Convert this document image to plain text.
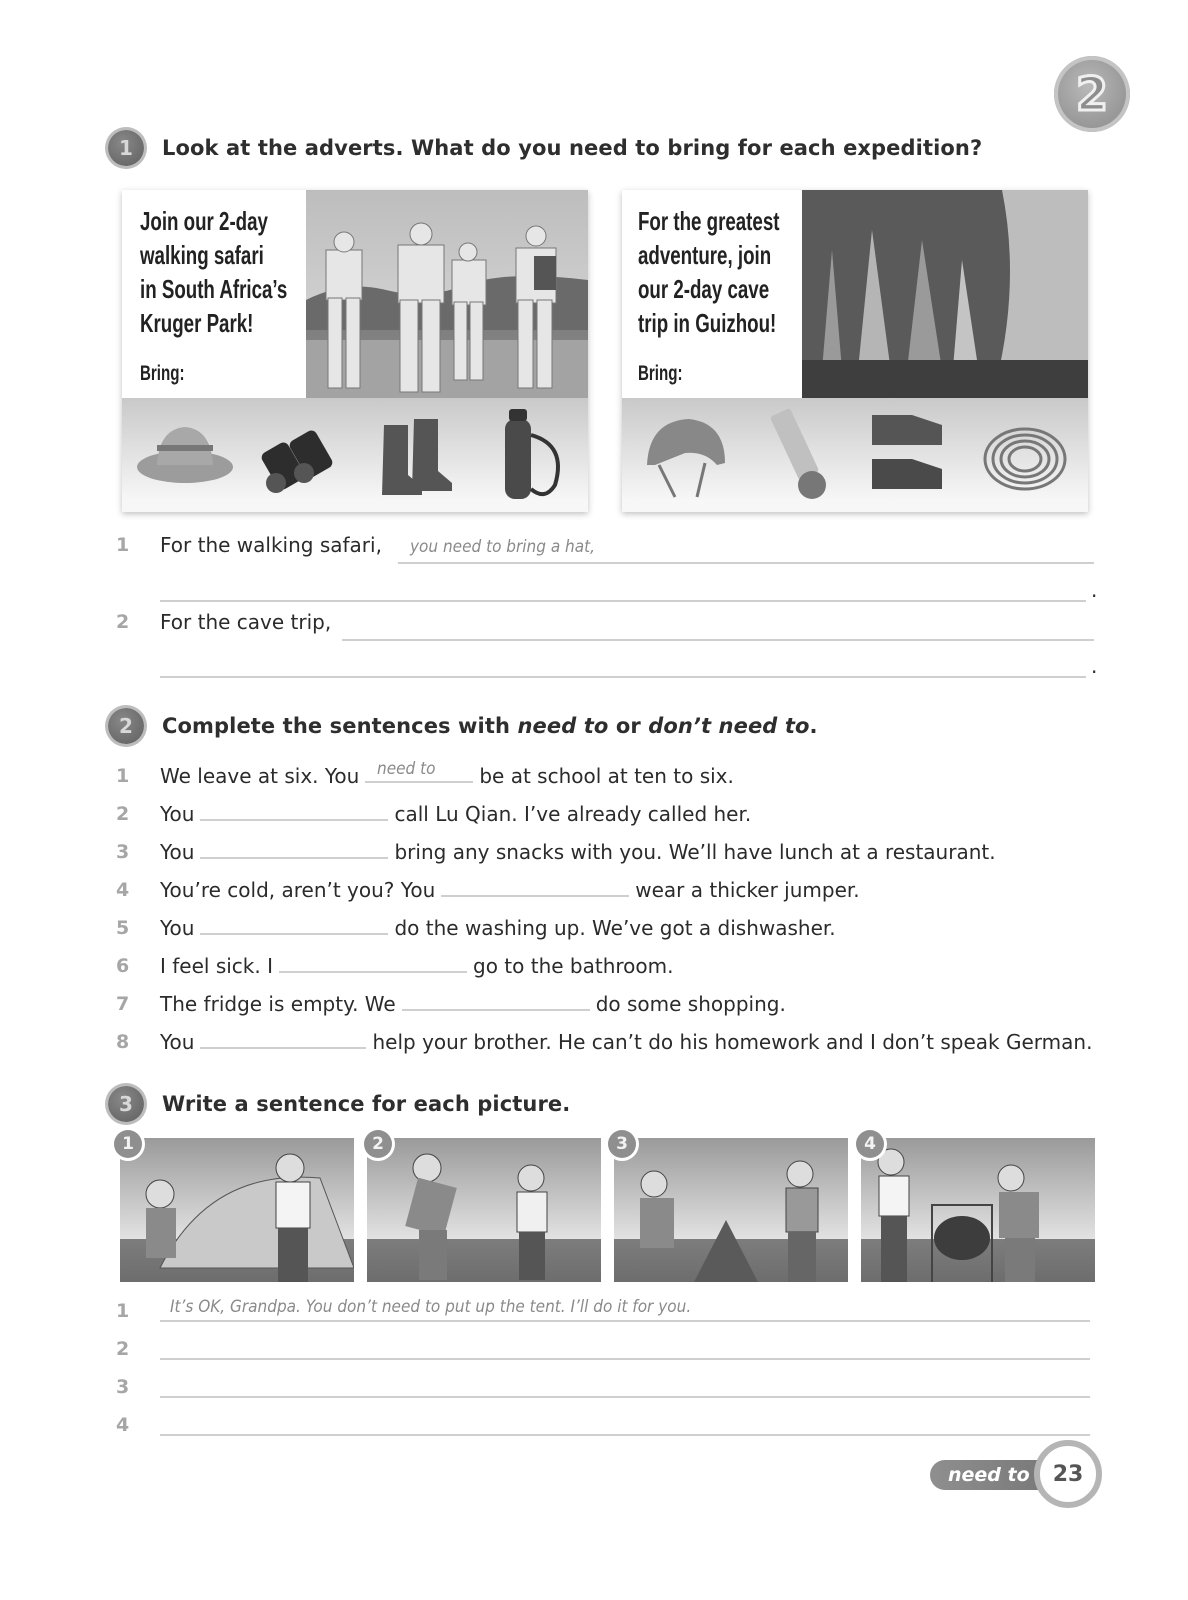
2
✦
1	Look at the adverts. What do you need to bring for each expedition?
Join our 2-day
walking safari
in South Africa’s
Kruger Park!
Bring:
For the greatest
adventure, join
our 2-day cave
trip in Guizhou!
Bring:
1	For the walking safari, you need to bring a hat,
.
2	For the cave trip,
.
2	Complete the sentences with need to or don’t need to.
1	We leave at six. You need to be at school at ten to six.
2	You	call Lu Qian. I’ve already called her.
3	You	bring any snacks with you. We’ll have lunch at a restaurant.
4	You’re cold, aren’t you? You	wear a thicker jumper.
5	You	do the washing up. We’ve got a dishwasher.
6	I feel sick. I	go to the bathroom.
7	The fridge is empty. We	do some shopping.
8	You	help your brother. He can’t do his homework and I don’t speak German.
3	Write a sentence for each picture.
1	2	3	4
1	It’s OK, Grandpa. You don’t need to put up the tent. I’ll do it for you.
2
3
4
need to	23
